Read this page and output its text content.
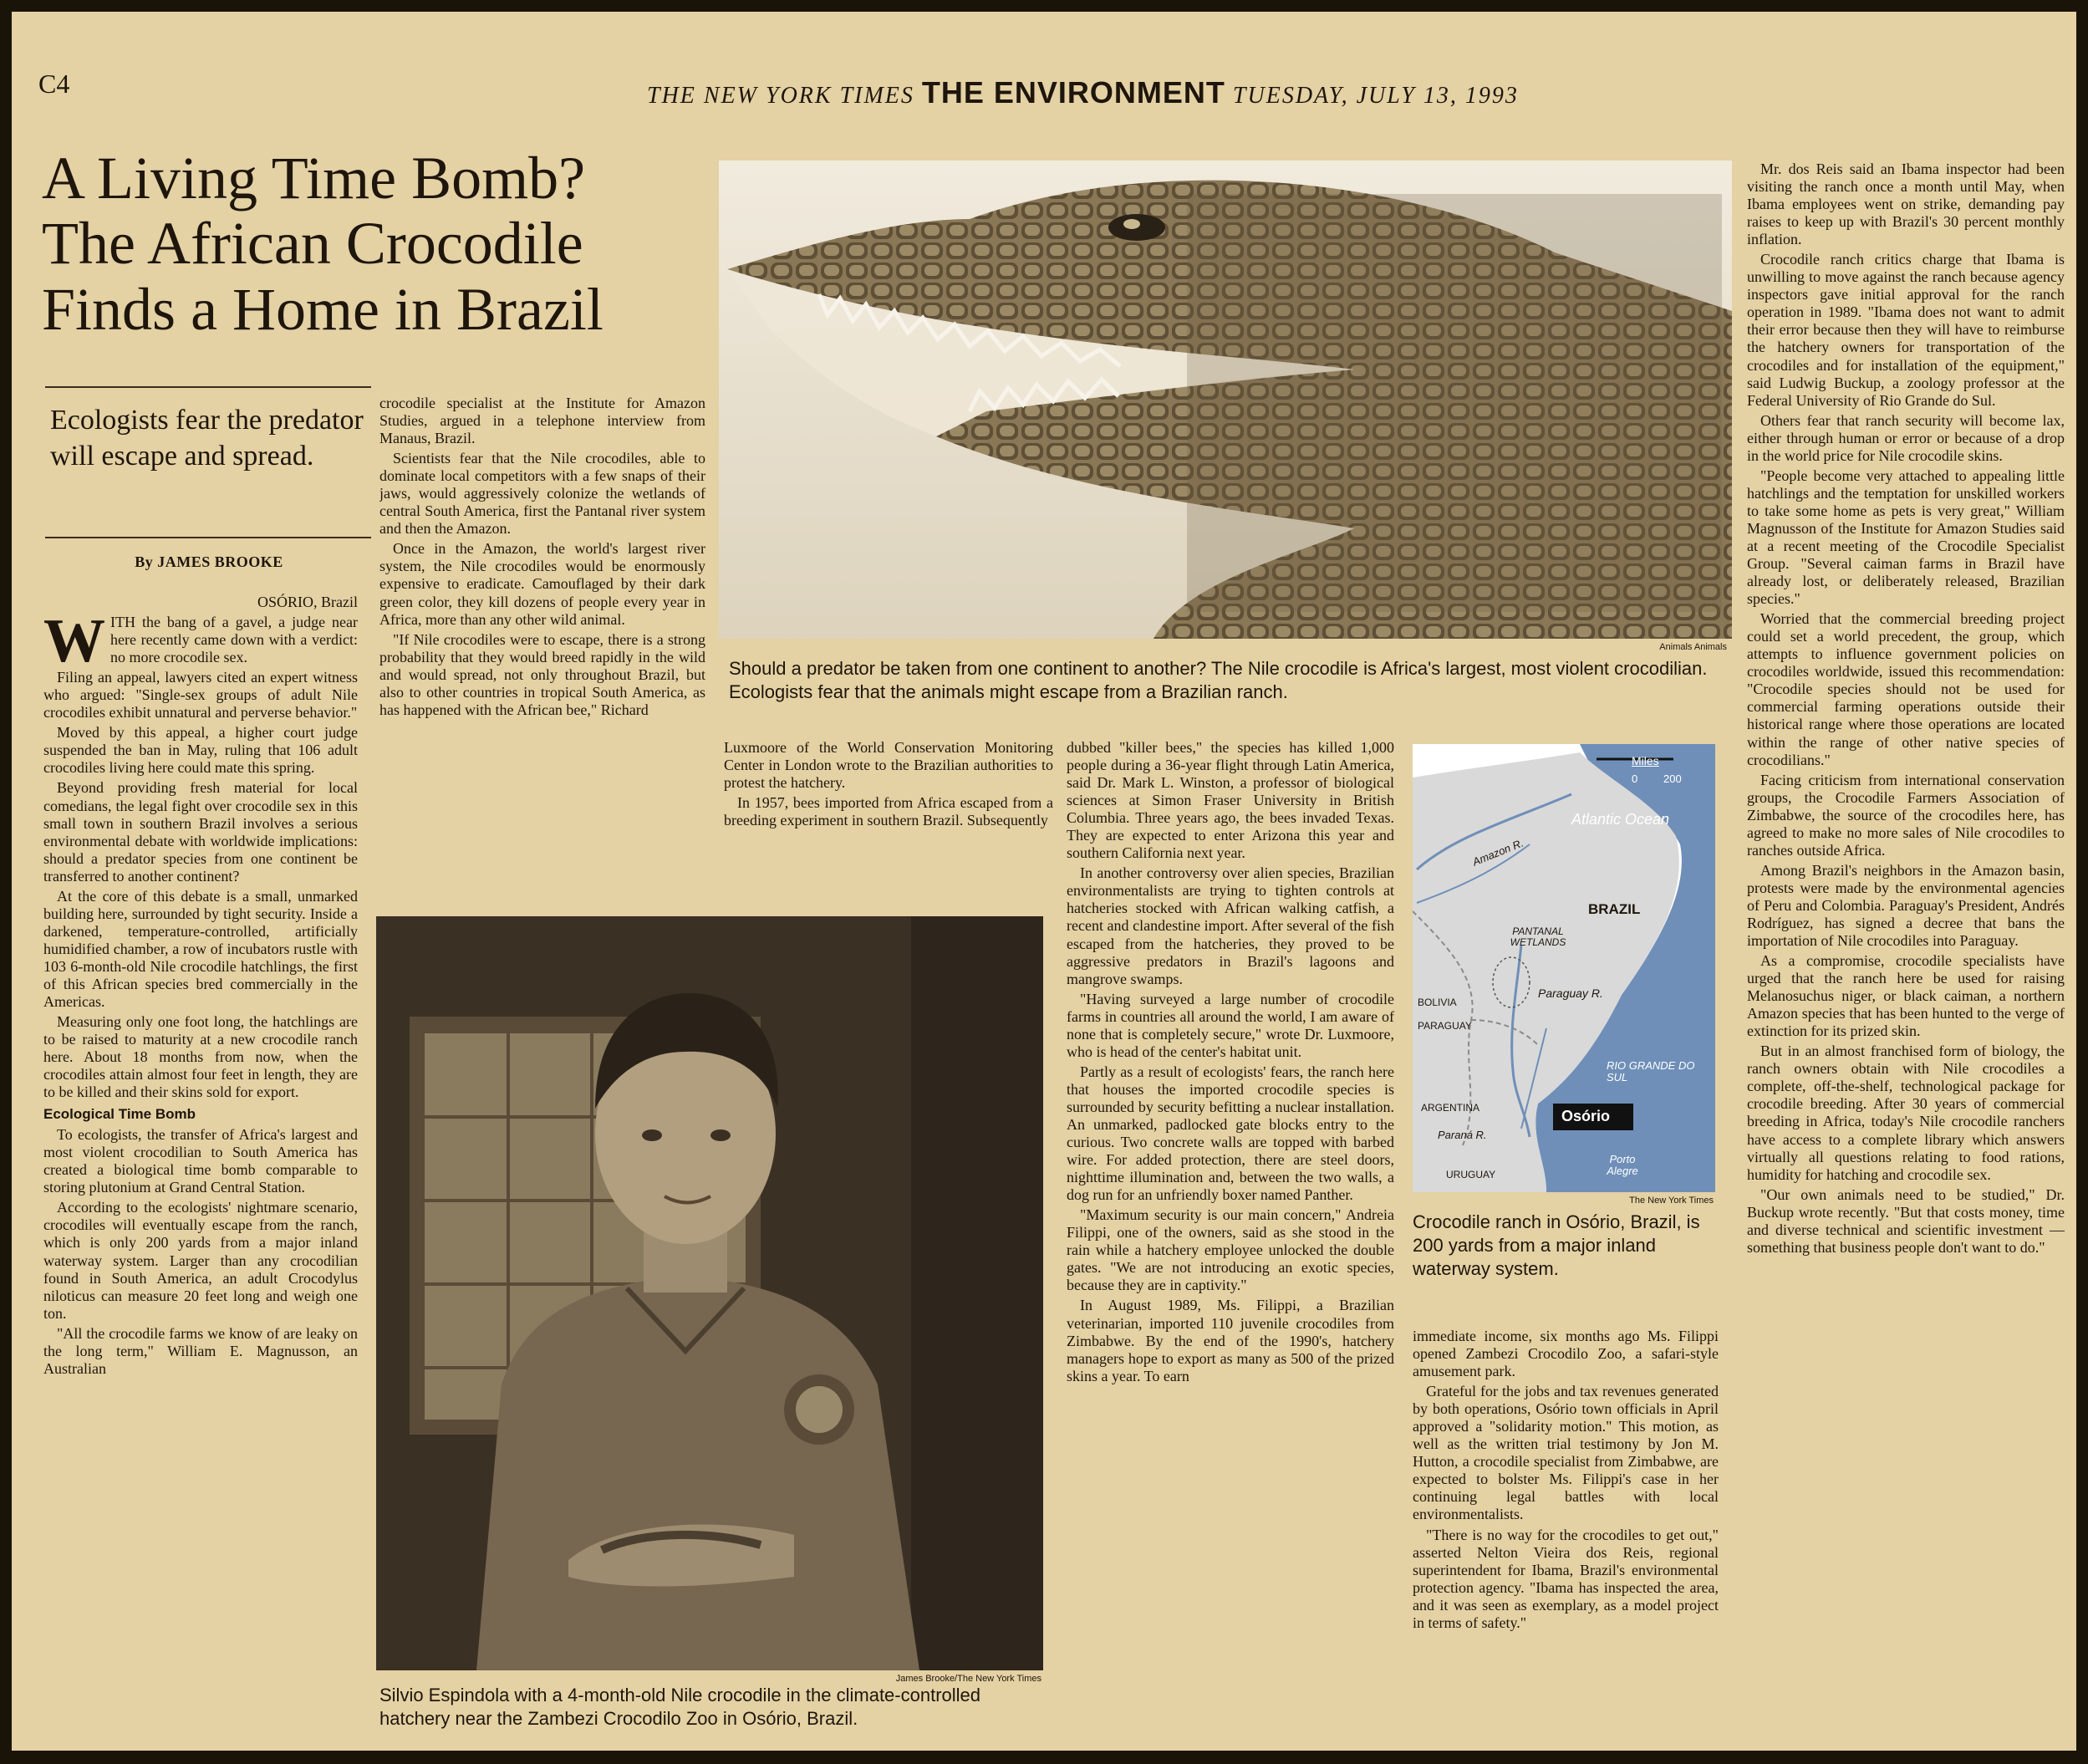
C4	THE NEW YORK TIMES THE ENVIRONMENT TUESDAY, JULY 13, 1993
A Living Time Bomb?
The African Crocodile
Finds a Home in Brazil
Ecologists fear the predator will escape and spread.
By JAMES BROOKE

OSÓRIO, Brazil

WITH the bang of a gavel, a judge near here recently came down with a verdict: no more crocodile sex.

Filing an appeal, lawyers cited an expert witness who argued: "Single-sex groups of adult Nile crocodiles exhibit unnatural and perverse behavior."

Moved by this appeal, a higher court judge suspended the ban in May, ruling that 106 adult crocodiles living here could mate this spring.

Beyond providing fresh material for local comedians, the legal fight over crocodile sex in this small town in southern Brazil involves a serious environmental debate with worldwide implications: should a predator species from one continent be transferred to another continent?

At the core of this debate is a small, unmarked building here, surrounded by tight security. Inside a darkened, temperature-controlled, artificially humidified chamber, a row of incubators rustle with 103 6-month-old Nile crocodile hatchlings, the first of this African species bred commercially in the Americas.

Measuring only one foot long, the hatchlings are to be raised to maturity at a new crocodile ranch here. About 18 months from now, when the crocodiles attain almost four feet in length, they are to be killed and their skins sold for export.

Ecological Time Bomb

To ecologists, the transfer of Africa's largest and most violent crocodilian to South America has created a biological time bomb comparable to storing plutonium at Grand Central Station.

According to the ecologists' nightmare scenario, crocodiles will eventually escape from the ranch, which is only 200 yards from a major inland waterway system. Larger than any crocodilian found in South America, an adult Crocodylus niloticus can measure 20 feet long and weigh one ton.

"All the crocodile farms we know of are leaky on the long term," William E. Magnusson, an Australian

crocodile specialist at the Institute for Amazon Studies, argued in a telephone interview from Manaus, Brazil.

Scientists fear that the Nile crocodiles, able to dominate local competitors with a few snaps of their jaws, would aggressively colonize the wetlands of central South America, first the Pantanal river system and then the Amazon.

Once in the Amazon, the world's largest river system, the Nile crocodiles would be enormously expensive to eradicate. Camouflaged by their dark green color, they kill dozens of people every year in Africa, more than any other wild animal.

"If Nile crocodiles were to escape, there is a strong probability that they would breed rapidly in the wild and would spread, not only throughout Brazil, but also to other countries in tropical South America, as has happened with the African bee," Richard

Luxmoore of the World Conservation Monitoring Center in London wrote to the Brazilian authorities to protest the hatchery.

In 1957, bees imported from Africa escaped from a breeding experiment in southern Brazil. Subsequently

Animals Animals
Should a predator be taken from one continent to another? The Nile crocodile is Africa's largest, most violent crocodilian. Ecologists fear that the animals might escape from a Brazilian ranch.
James Brooke/The New York Times
Silvio Espindola with a 4-month-old Nile crocodile in the climate-controlled hatchery near the Zambezi Crocodilo Zoo in Osório, Brazil.

dubbed "killer bees," the species has killed 1,000 people during a 36-year flight through Latin America, said Dr. Mark L. Winston, a professor of biological sciences at Simon Fraser University in British Columbia. Three years ago, the bees invaded Texas. They are expected to enter Arizona this year and southern California next year.

In another controversy over alien species, Brazilian environmentalists are trying to tighten controls at hatcheries stocked with African walking catfish, a recent and clandestine import. After several of the fish escaped from the hatcheries, they proved to be aggressive predators in Brazil's lagoons and mangrove swamps.

"Having surveyed a large number of crocodile farms in countries all around the world, I am aware of none that is completely secure," wrote Dr. Luxmoore, who is head of the center's habitat unit.

Partly as a result of ecologists' fears, the ranch here that houses the imported crocodile species is surrounded by security befitting a nuclear installation. An unmarked, padlocked gate blocks entry to the curious. Two concrete walls are topped with barbed wire. For added protection, there are steel doors, nighttime illumination and, between the two walls, a dog run for an unfriendly boxer named Panther.

"Maximum security is our main concern," Andreia Filippi, one of the owners, said as she stood in the rain while a hatchery employee unlocked the double gates. "We are not introducing an exotic species, because they are in captivity."

In August 1989, Ms. Filippi, a Brazilian veterinarian, imported 110 juvenile crocodiles from Zimbabwe. By the end of the 1990's, hatchery managers hope to export as many as 500 of the prized skins a year. To earn

Miles
0 200
Atlantic Ocean
Amazon R.
BRAZIL
PANTANAL WETLANDS
Paraguay R.
BOLIVIA
PARAGUAY
RIO GRANDE DO SUL
ARGENTINA	Osório
Paraná R.
Porto Alegre
URUGUAY
The New York Times
Crocodile ranch in Osório, Brazil, is 200 yards from a major inland waterway system.

immediate income, six months ago Ms. Filippi opened Zambezi Crocodilo Zoo, a safari-style amusement park.

Grateful for the jobs and tax revenues generated by both operations, Osório town officials in April approved a "solidarity motion." This motion, as well as the written trial testimony by Jon M. Hutton, a crocodile specialist from Zimbabwe, are expected to bolster Ms. Filippi's case in her continuing legal battles with local environmentalists.

"There is no way for the crocodiles to get out," asserted Nelton Vieira dos Reis, regional superintendent for Ibama, Brazil's environmental protection agency. "Ibama has inspected the area, and it was seen as exemplary, as a model project in terms of safety."

Mr. dos Reis said an Ibama inspector had been visiting the ranch once a month until May, when Ibama employees went on strike, demanding pay raises to keep up with Brazil's 30 percent monthly inflation.

Crocodile ranch critics charge that Ibama is unwilling to move against the ranch because agency inspectors gave initial approval for the ranch operation in 1989. "Ibama does not want to admit their error because then they will have to reimburse the hatchery owners for transportation of the crocodiles and for installation of the equipment," said Ludwig Buckup, a zoology professor at the Federal University of Rio Grande do Sul.

Others fear that ranch security will become lax, either through human or error or because of a drop in the world price for Nile crocodile skins.

"People become very attached to appealing little hatchlings and the temptation for unskilled workers to take some home as pets is very great," William Magnusson of the Institute for Amazon Studies said at a recent meeting of the Crocodile Specialist Group. "Several caiman farms in Brazil have already lost, or deliberately released, Brazilian species."

Worried that the commercial breeding project could set a world precedent, the group, which attempts to influence government policies on crocodiles worldwide, issued this recommendation: "Crocodile species should not be used for commercial farming operations outside their historical range where those operations are located within the range of other native species of crocodilians."

Facing criticism from international conservation groups, the Crocodile Farmers Association of Zimbabwe, the source of the crocodiles here, has agreed to make no more sales of Nile crocodiles to ranches outside Africa.

Among Brazil's neighbors in the Amazon basin, protests were made by the environmental agencies of Peru and Colombia. Paraguay's President, Andrés Rodríguez, has signed a decree that bans the importation of Nile crocodiles into Paraguay.

As a compromise, crocodile specialists have urged that the ranch here be used for raising Melanosuchus niger, or black caiman, a northern Amazon species that has been hunted to the verge of extinction for its prized skin.

But in an almost franchised form of biology, the ranch owners obtain with Nile crocodiles a complete, off-the-shelf, technological package for crocodile breeding. After 30 years of commercial breeding in Africa, today's Nile crocodile ranchers have access to a complete library which answers virtually all questions relating to food rations, humidity for hatching and crocodile sex.

"Our own animals need to be studied," Dr. Buckup wrote recently. "But that costs money, time and diverse technical and scientific investment — something that business people don't want to do."
